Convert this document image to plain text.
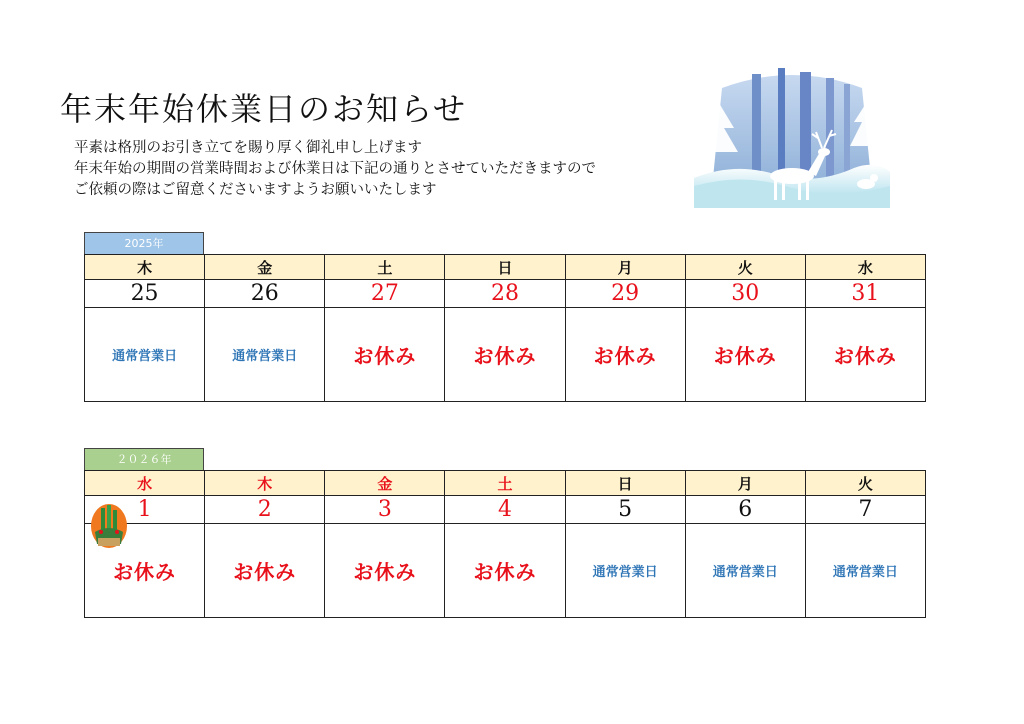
年末年始休業日のお知らせ
平素は格別のお引き立てを賜り厚く御礼申し上げます
年末年始の期間の営業時間および休業日は下記の通りとさせていただきますので
ご依頼の際はご留意くださいますようお願いいたします
2025年
木	金	土	日	月	火	水
25	26	27	28	29	30	31
通常営業日	通常営業日	お休み	お休み	お休み	お休み	お休み
２０２６年
水	木	金	土	日	月	火

1	2	3	4	5	6	7
お休み	お休み	お休み	お休み	通常営業日	通常営業日	通常営業日
